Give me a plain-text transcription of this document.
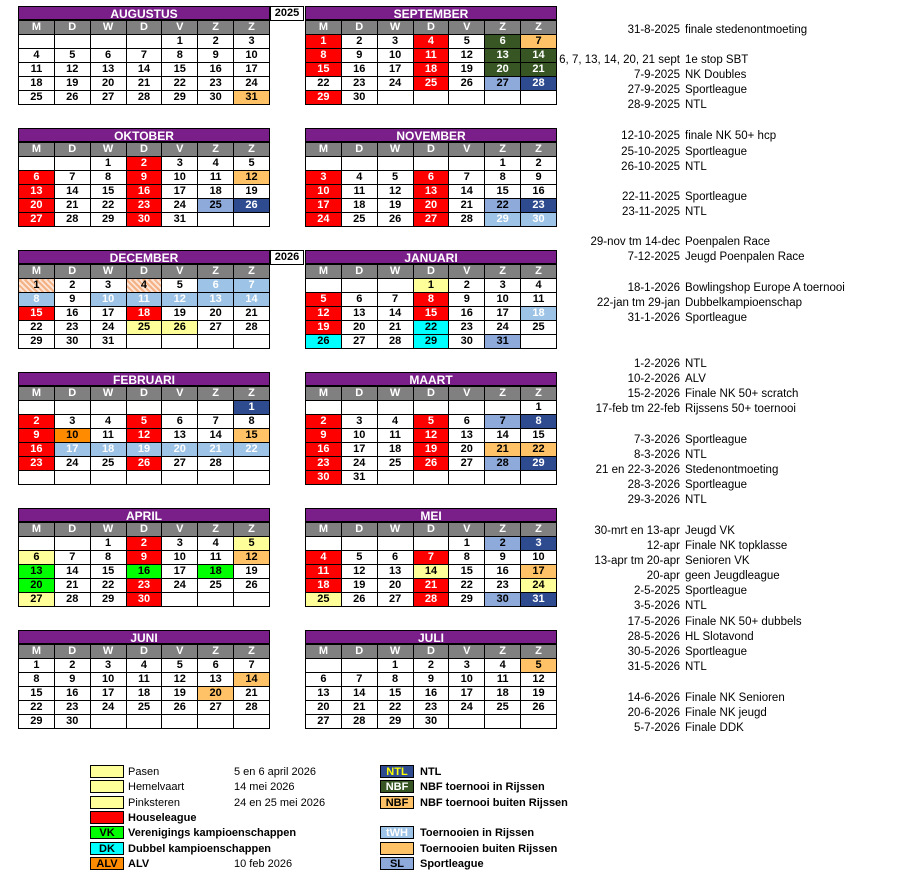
AUGUSTUS
M	D	W	D	V	Z	Z
				1	2	3
4	5	6	7	8	9	10
11	12	13	14	15	16	17
18	19	20	21	22	23	24
25	26	27	28	29	30	31
SEPTEMBER
M	D	W	D	V	Z	Z
1	2	3	4	5	6	7
8	9	10	11	12	13	14
15	16	17	18	19	20	21
22	23	24	25	26	27	28
29	30					
OKTOBER
M	D	W	D	V	Z	Z
		1	2	3	4	5
6	7	8	9	10	11	12
13	14	15	16	17	18	19
20	21	22	23	24	25	26
27	28	29	30	31		
NOVEMBER
M	D	W	D	V	Z	Z
					1	2
3	4	5	6	7	8	9
10	11	12	13	14	15	16
17	18	19	20	21	22	23
24	25	26	27	28	29	30
DECEMBER
M	D	W	D	V	Z	Z
1	2	3	4	5	6	7
8	9	10	11	12	13	14
15	16	17	18	19	20	21
22	23	24	25	26	27	28
29	30	31				
JANUARI
M	D	W	D	V	Z	Z
			1	2	3	4
5	6	7	8	9	10	11
12	13	14	15	16	17	18
19	20	21	22	23	24	25
26	27	28	29	30	31	
FEBRUARI
M	D	W	D	V	Z	Z
						1
2	3	4	5	6	7	8
9	10	11	12	13	14	15
16	17	18	19	20	21	22
23	24	25	26	27	28	

MAART
M	D	W	D	V	Z	Z
						1
2	3	4	5	6	7	8
9	10	11	12	13	14	15
16	17	18	19	20	21	22
23	24	25	26	27	28	29
30	31					
APRIL
M	D	W	D	V	Z	Z
		1	2	3	4	5
6	7	8	9	10	11	12
13	14	15	16	17	18	19
20	21	22	23	24	25	26
27	28	29	30			
MEI
M	D	W	D	V	Z	Z
				1	2	3
4	5	6	7	8	9	10
11	12	13	14	15	16	17
18	19	20	21	22	23	24
25	26	27	28	29	30	31
JUNI
M	D	W	D	V	Z	Z
1	2	3	4	5	6	7
8	9	10	11	12	13	14
15	16	17	18	19	20	21
22	23	24	25	26	27	28
29	30					
JULI
M	D	W	D	V	Z	Z
		1	2	3	4	5
6	7	8	9	10	11	12
13	14	15	16	17	18	19
20	21	22	23	24	25	26
27	28	29	30			
2025
2026
31-8-2025 finale stedenontmoeting
6, 7, 13, 14, 20, 21 sept 1e stop SBT
7-9-2025 NK Doubles
27-9-2025 Sportleague
28-9-2025 NTL
12-10-2025 finale NK 50+ hcp
25-10-2025 Sportleague
26-10-2025 NTL
22-11-2025 Sportleague
23-11-2025 NTL
29-nov tm 14-dec Poenpalen Race
7-12-2025 Jeugd Poenpalen Race
18-1-2026 Bowlingshop Europe A toernooi
22-jan tm 29-jan Dubbelkampioenschap
31-1-2026 Sportleague
1-2-2026 NTL
10-2-2026 ALV
15-2-2026 Finale NK 50+ scratch
17-feb tm 22-feb Rijssens 50+ toernooi
7-3-2026 Sportleague
8-3-2026 NTL
21 en 22-3-2026 Stedenontmoeting
28-3-2026 Sportleague
29-3-2026 NTL
30-mrt en 13-apr Jeugd VK
12-apr Finale NK topklasse
13-apr tm 20-apr Senioren VK
20-apr geen Jeugdleague
2-5-2025 Sportleague
3-5-2026 NTL
17-5-2026 Finale NK 50+ dubbels
28-5-2026 HL Slotavond
30-5-2026 Sportleague
31-5-2026 NTL
14-6-2026 Finale NK Senioren
20-6-2026 Finale NK jeugd
5-7-2026 Finale DDK
Pasen	5 en 6 april 2026
Hemelvaart	14 mei 2026
Pinksteren	24 en 25 mei 2026
Houseleague
VK	Verenigings kampioenschappen
DK	Dubbel kampioenschappen
ALV ALV	10 feb 2026
NTL	NTL
NBF	NBF toernooi in Rijssen
NBF	NBF toernooi buiten Rijssen
tWH	Toernooien in Rijssen
Toernooien buiten Rijssen
SL	Sportleague
